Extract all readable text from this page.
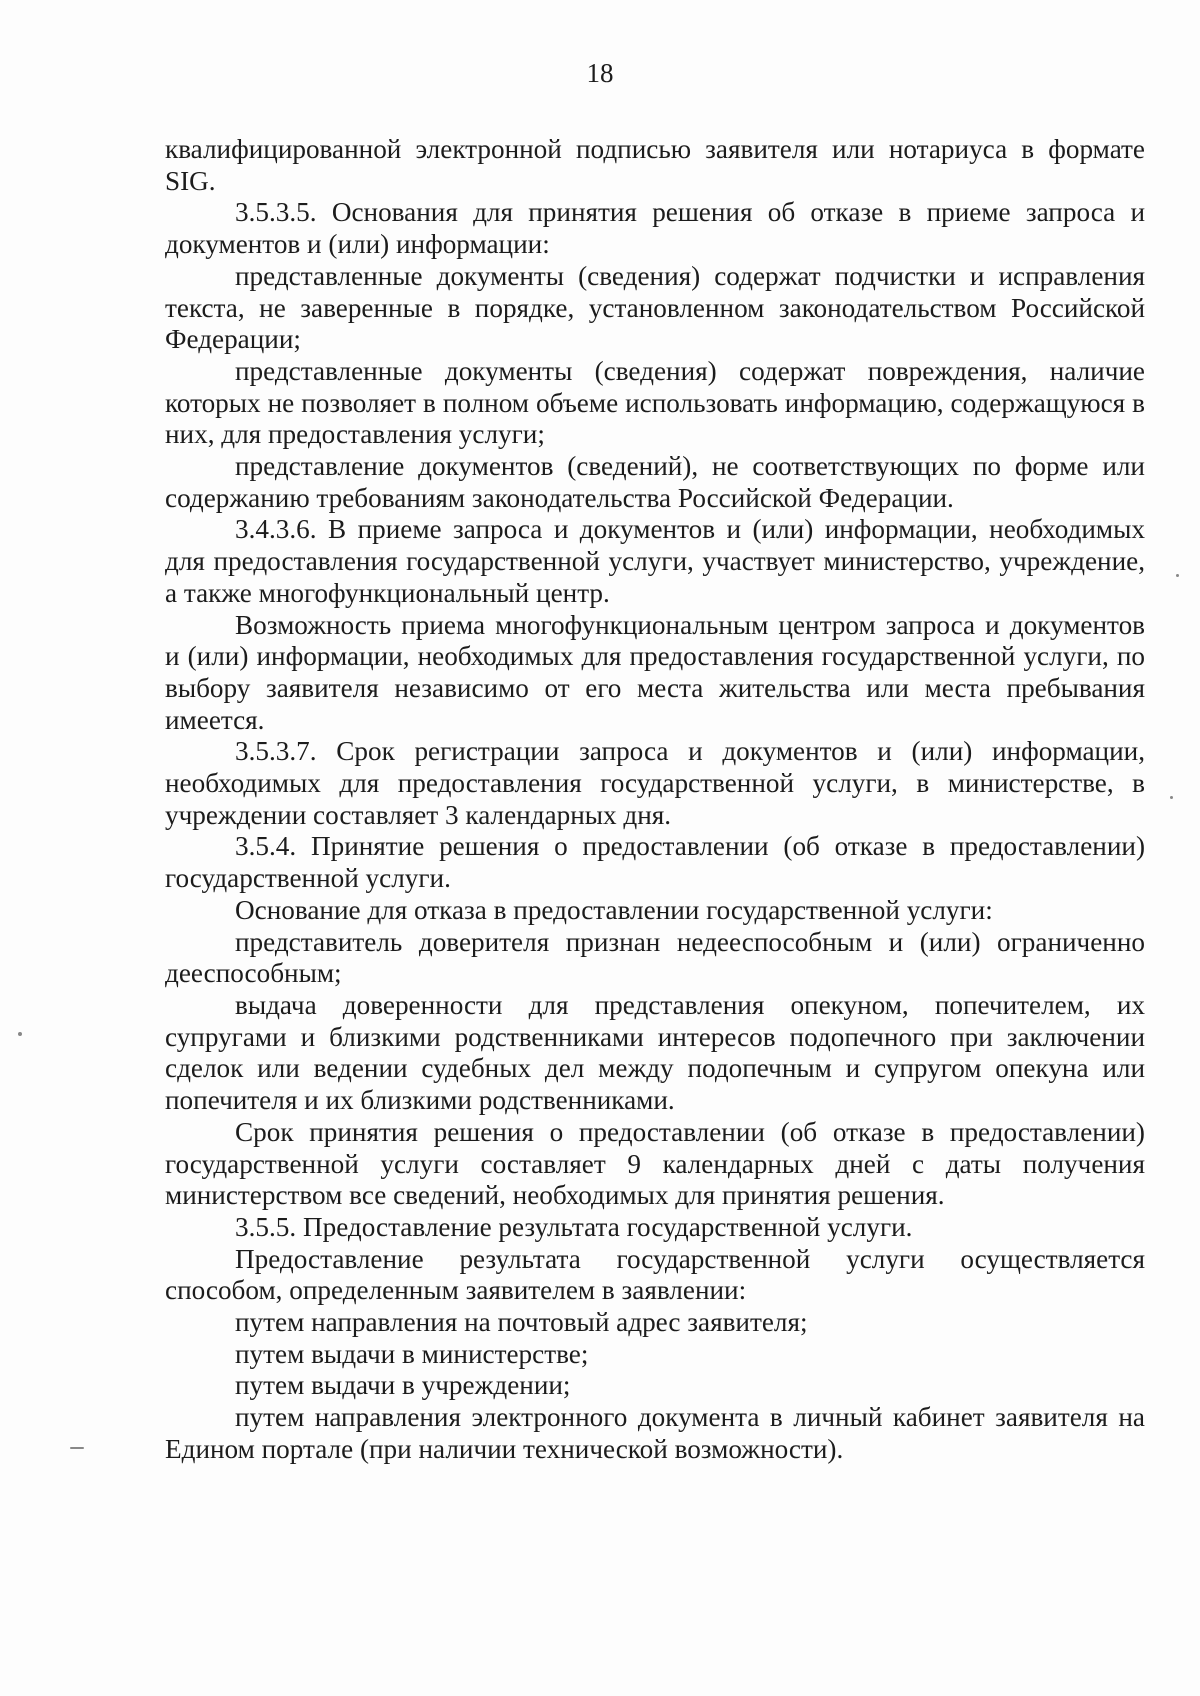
18

квалифицированной электронной подписью заявителя или нотариуса в формате SIG.

3.5.3.5. Основания для принятия решения об отказе в приеме запроса и документов и (или) информации:

представленные документы (сведения) содержат подчистки и исправления текста, не заверенные в порядке, установленном законодательством Российской Федерации;

представленные документы (сведения) содержат повреждения, наличие которых не позволяет в полном объеме использовать информацию, содержащуюся в них, для предоставления услуги;

представление документов (сведений), не соответствующих по форме или содержанию требованиям законодательства Российской Федерации.

3.4.3.6. В приеме запроса и документов и (или) информации, необходимых для предоставления государственной услуги, участвует министерство, учреждение, а также многофункциональный центр.

Возможность приема многофункциональным центром запроса и документов и (или) информации, необходимых для предоставления государственной услуги, по выбору заявителя независимо от его места жительства или места пребывания имеется.

3.5.3.7. Срок регистрации запроса и документов и (или) информации, необходимых для предоставления государственной услуги, в министерстве, в учреждении составляет 3 календарных дня.

3.5.4. Принятие решения о предоставлении (об отказе в предоставлении) государственной услуги.

Основание для отказа в предоставлении государственной услуги:

представитель доверителя признан недееспособным и (или) ограниченно дееспособным;

выдача доверенности для представления опекуном, попечителем, их супругами и близкими родственниками интересов подопечного при заключении сделок или ведении судебных дел между подопечным и супругом опекуна или попечителя и их близкими родственниками.

Срок принятия решения о предоставлении (об отказе в предоставлении) государственной услуги составляет 9 календарных дней с даты получения министерством все сведений, необходимых для принятия решения.

3.5.5. Предоставление результата государственной услуги.

Предоставление результата государственной услуги осуществляется способом, определенным заявителем в заявлении:

путем направления на почтовый адрес заявителя;

путем выдачи в министерстве;

путем выдачи в учреждении;

путем направления электронного документа в личный кабинет заявителя на Едином портале (при наличии технической возможности).
